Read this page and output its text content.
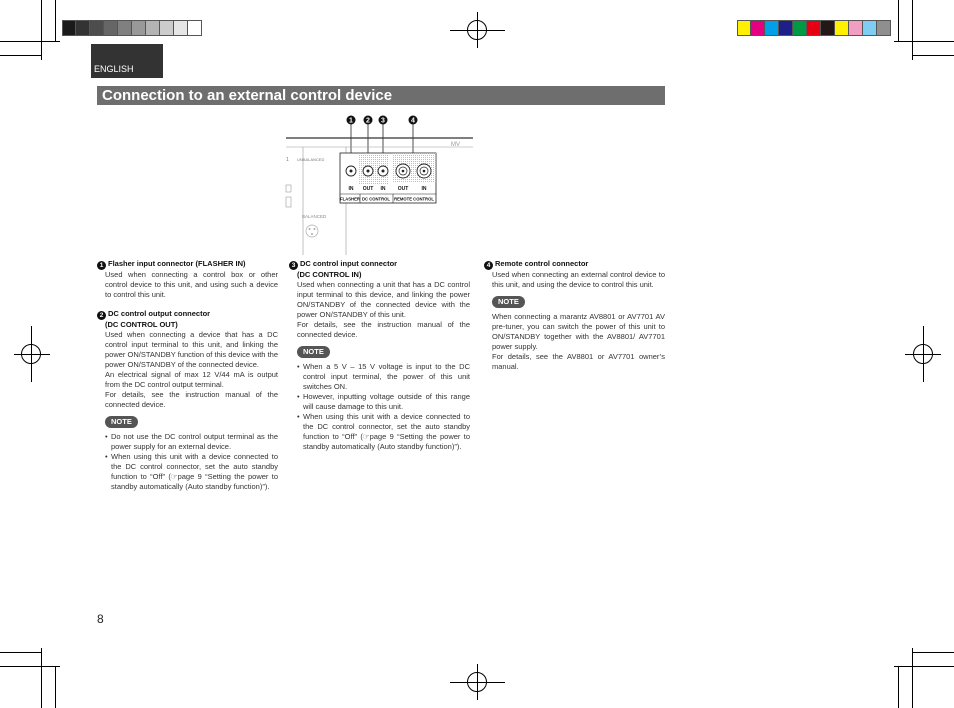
ENGLISH
Connection to an external control device
1 2 3	4
MV
1 UNBALANCED
IN OUT IN OUT	IN
FLASHER DC CONTROL REMOTE CONTROL
BALANCED
1 Flasher input connector (FLASHER IN)

Used when connecting a control box or other control device to this unit, and using such a device to control this unit.

2 DC control output connector
(DC CONTROL OUT)

Used when connecting a device that has a DC control input terminal to this unit, and linking the power ON/STANDBY function of this device with the power ON/STANDBY of the connected device.

An electrical signal of max 12 V/44 mA is output from the DC control output terminal.

For details, see the instruction manual of the connected device.

NOTE
• Do not use the DC control output terminal as the power supply for an external device.
• When using this unit with a device connected to the DC control connector, set the auto standby function to “Off” (☞page 9 “Setting the power to standby automatically (Auto standby function)”).
3 DC control input connector
(DC CONTROL IN)

Used when connecting a unit that has a DC control input terminal to this device, and linking the power ON/STANDBY of the connected device with the power ON/STANDBY of this unit.

For details, see the instruction manual of the connected device.

NOTE
• When a 5 V – 15 V voltage is input to the DC control input terminal, the power of this unit switches ON.
• However, inputting voltage outside of this range will cause damage to this unit.
• When using this unit with a device connected to the DC control connector, set the auto standby function to “Off” (☞page 9 “Setting the power to standby automatically (Auto standby function)”).
4 Remote control connector

Used when connecting an external control device to this unit, and using the device to control this unit.

NOTE

When connecting a marantz AV8801 or AV7701 AV pre-tuner, you can switch the power of this unit to ON/STANDBY together with the AV8801/ AV7701 power supply.

For details, see the AV8801 or AV7701 owner’s manual.

8
